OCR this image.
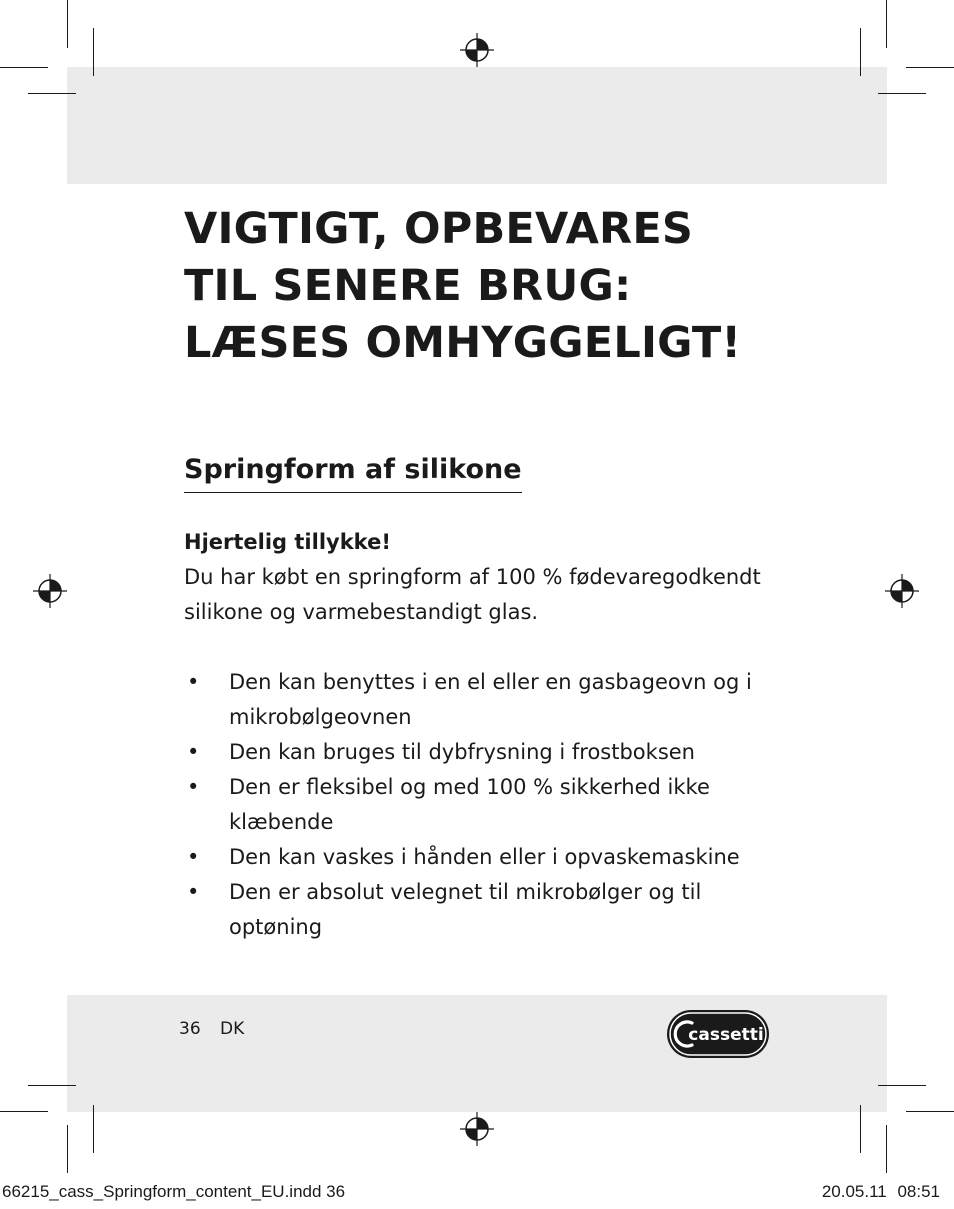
VIGTIGT, OPBEVARES
TIL SENERE BRUG:
LÆSES OMHYGGELIGT!
Springform af silikone
Hjertelig tillykke!
Du har købt en springform af 100 % fødevaregodkendt
silikone og varmebestandigt glas.
• Den kan benyttes i en el eller en gasbageovn og i
mikrobølgeovnen
• Den kan bruges til dybfrysning i frostboksen
• Den er fleksibel og med 100 % sikkerhed ikke
klæbende
• Den kan vaskes i hånden eller i opvaskemaskine
• Den er absolut velegnet til mikrobølger og til
optøning
36 DK	cassetti
66215_cass_Springform_content_EU.indd 36	20.05.11 08:51
